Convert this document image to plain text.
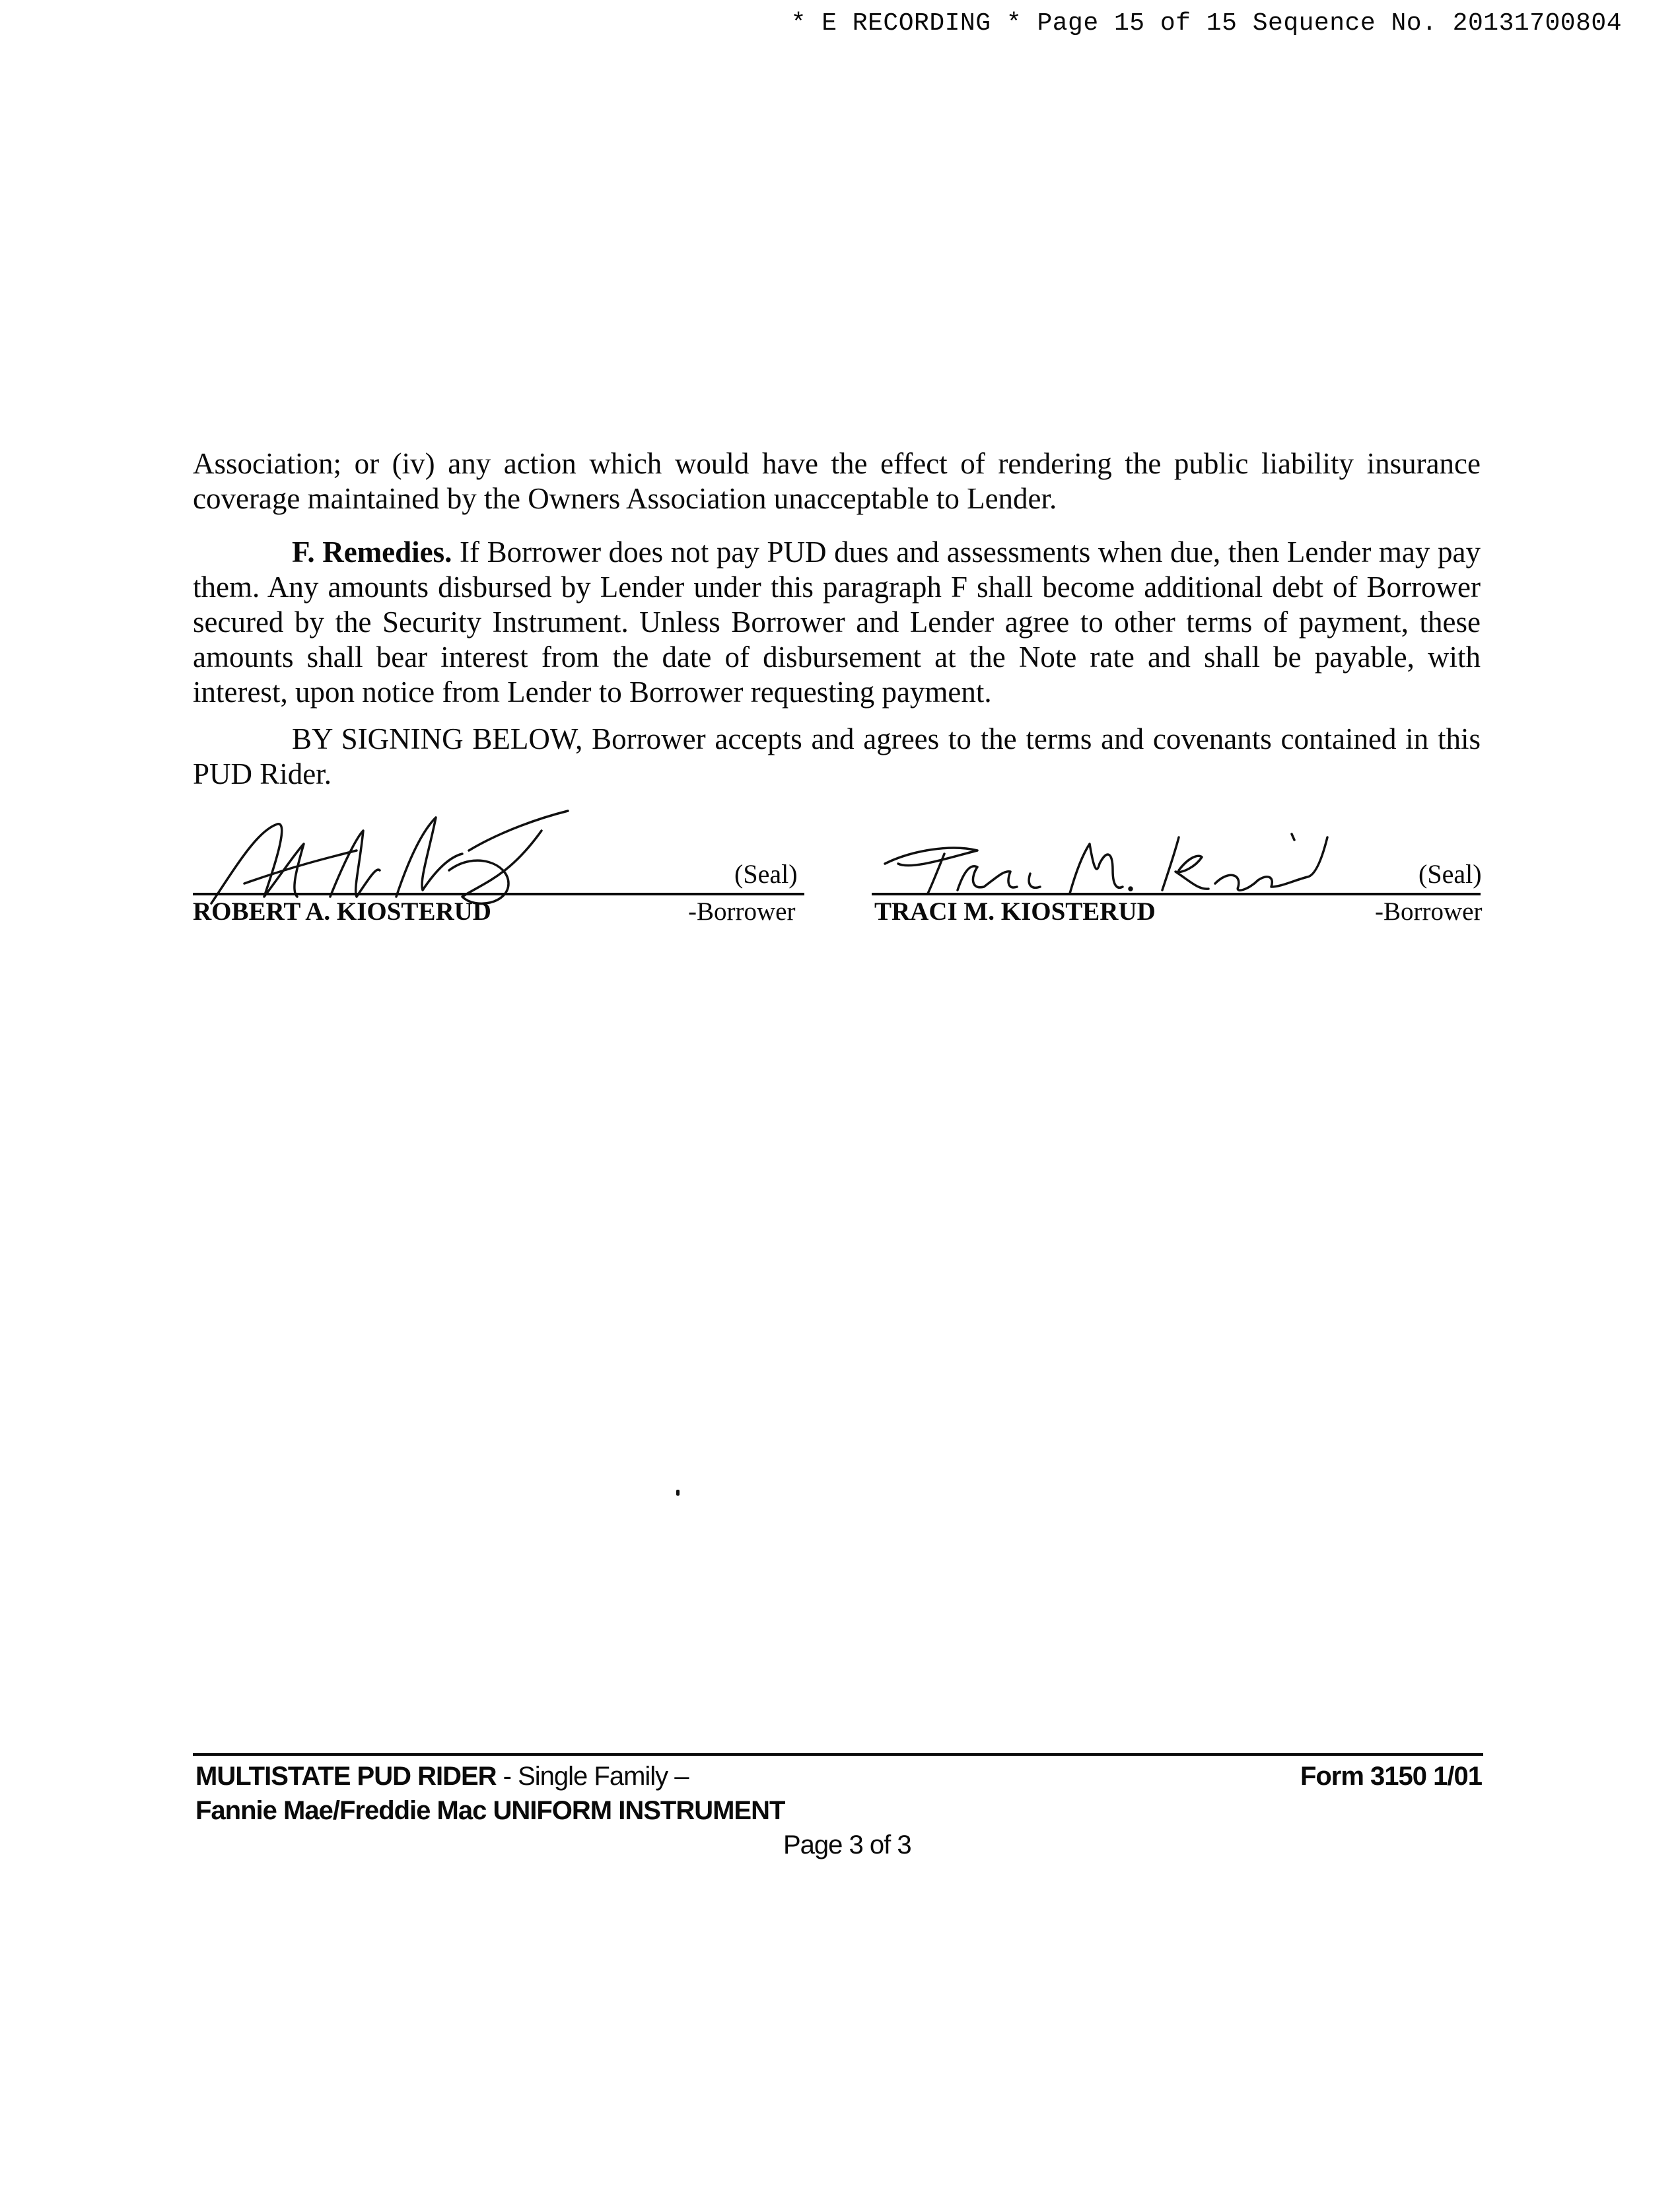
* E RECORDING * Page 15 of 15 Sequence No. 20131700804

Association; or (iv) any action which would have the effect of rendering the public liability insurance coverage maintained by the Owners Association unacceptable to Lender.

F. Remedies. If Borrower does not pay PUD dues and assessments when due, then Lender may pay them. Any amounts disbursed by Lender under this paragraph F shall become additional debt of Borrower secured by the Security Instrument. Unless Borrower and Lender agree to other terms of payment, these amounts shall bear interest from the date of disbursement at the Note rate and shall be payable, with interest, upon notice from Lender to Borrower requesting payment.

BY SIGNING BELOW, Borrower accepts and agrees to the terms and covenants contained in this PUD Rider.

(Seal)
ROBERT A. KIOSTERUD	-Borrower
(Seal)
TRACI M. KIOSTERUD	-Borrower
MULTISTATE PUD RIDER - Single Family –
Fannie Mae/Freddie Mac UNIFORM INSTRUMENT
Form 3150 1/01
Page 3 of 3
